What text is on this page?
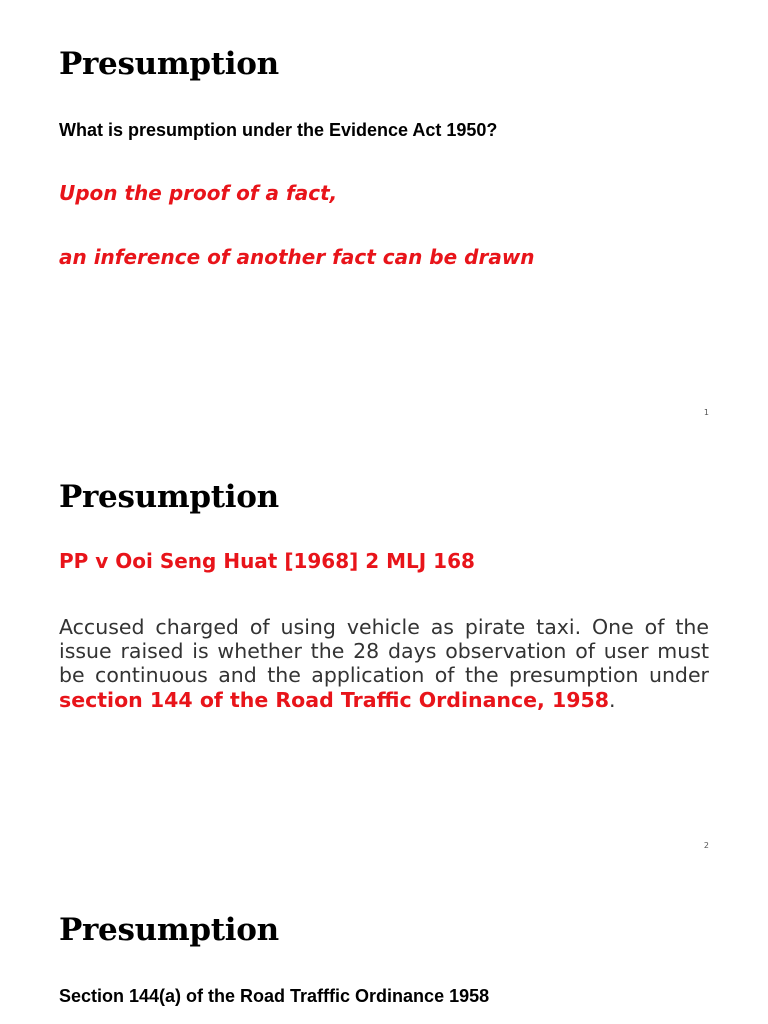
Presumption

What is presumption under the Evidence Act 1950?

Upon the proof of a fact,

an inference of another fact can be drawn

1

Presumption

PP v Ooi Seng Huat [1968] 2 MLJ 168

Accused charged of using vehicle as pirate taxi. One of the issue raised is whether the 28 days observation of user must be continuous and the application of the presumption under section 144 of the Road Traffic Ordinance, 1958.

2

Presumption

Section 144(a) of the Road Trafffic Ordinance 1958
